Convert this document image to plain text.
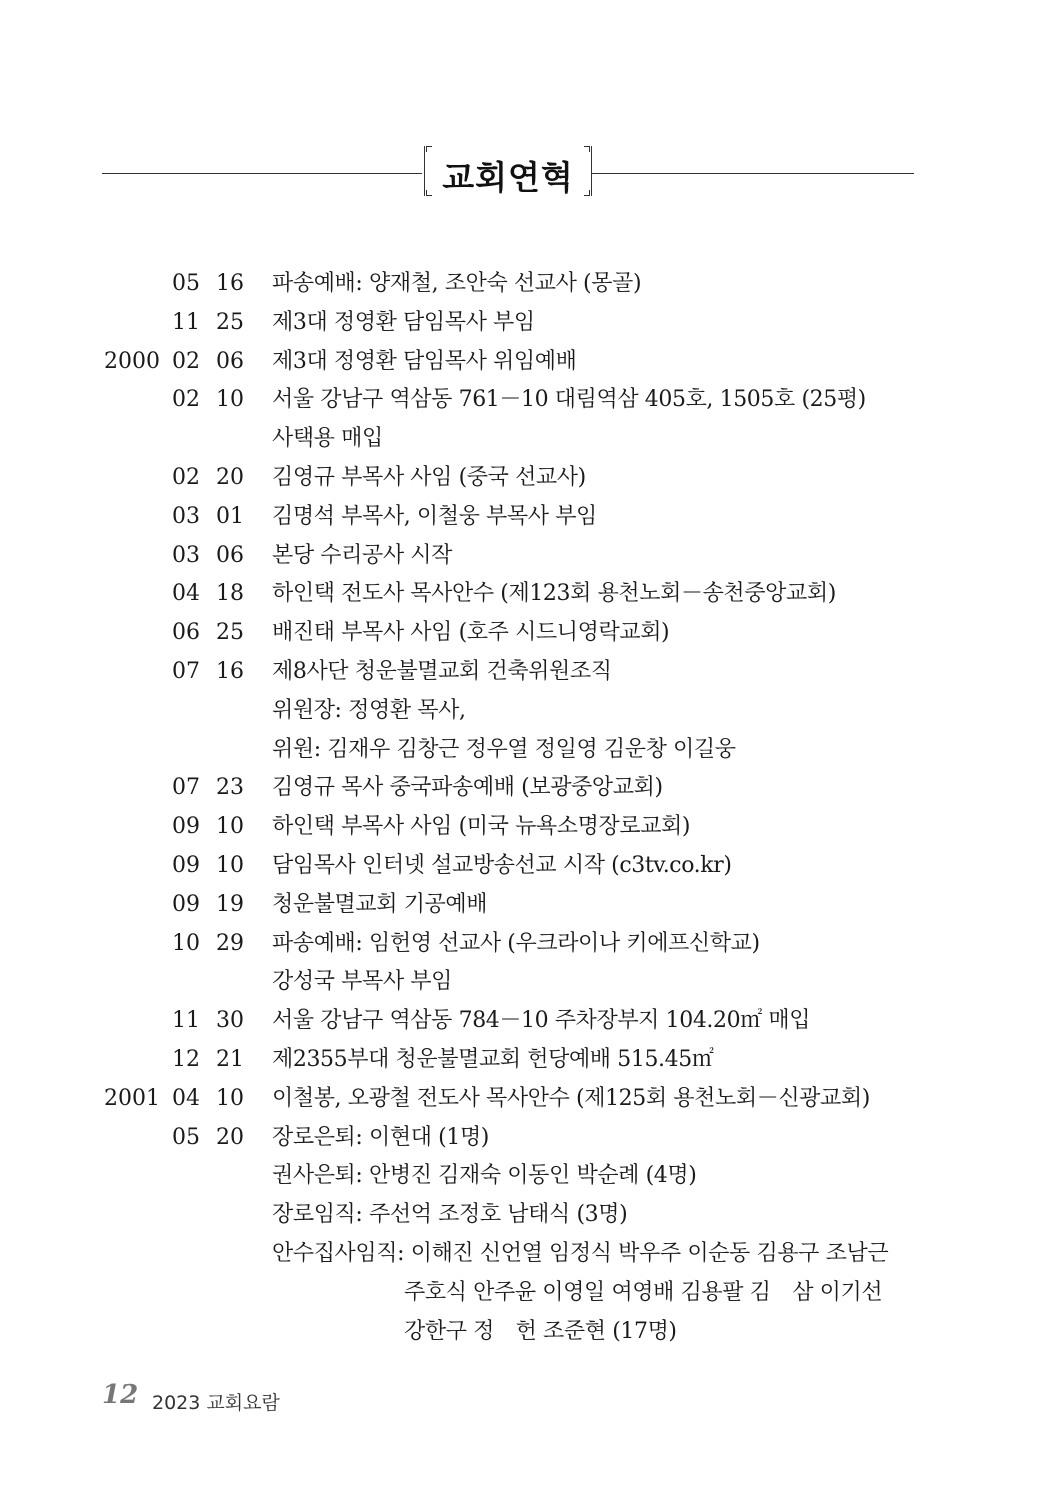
교회연혁
05 16 파송예배: 양재철, 조안숙 선교사 (몽골)
11 25 제3대 정영환 담임목사 부임
2000 02 06 제3대 정영환 담임목사 위임예배
02 10 서울 강남구 역삼동 761－10 대림역삼 405호, 1505호 (25평)
사택용 매입
02 20 김영규 부목사 사임 (중국 선교사)
03 01 김명석 부목사, 이철웅 부목사 부임
03 06 본당 수리공사 시작
04 18 하인택 전도사 목사안수 (제123회 용천노회－송천중앙교회)
06 25 배진태 부목사 사임 (호주 시드니영락교회)
07 16 제8사단 청운불멸교회 건축위원조직
위원장: 정영환 목사,
위원: 김재우 김창근 정우열 정일영 김운창 이길웅
07 23 김영규 목사 중국파송예배 (보광중앙교회)
09 10 하인택 부목사 사임 (미국 뉴욕소명장로교회)
09 10 담임목사 인터넷 설교방송선교 시작 (c3tv.co.kr)
09 19 청운불멸교회 기공예배
10 29 파송예배: 임헌영 선교사 (우크라이나 키에프신학교)
강성국 부목사 부임
11 30 서울 강남구 역삼동 784－10 주차장부지 104.20㎡ 매입
12 21 제2355부대 청운불멸교회 헌당예배 515.45㎡
2001 04 10 이철봉, 오광철 전도사 목사안수 (제125회 용천노회－신광교회)
05 20 장로은퇴: 이현대 (1명)
권사은퇴: 안병진 김재숙 이동인 박순례 (4명)
장로임직: 주선억 조정호 남태식 (3명)
안수집사임직: 이해진 신언열 임정식 박우주 이순동 김용구 조남근
주호식 안주윤 이영일 여영배 김용팔 김　삼 이기선
강한구 정　헌 조준현 (17명)
12 2023 교회요람
